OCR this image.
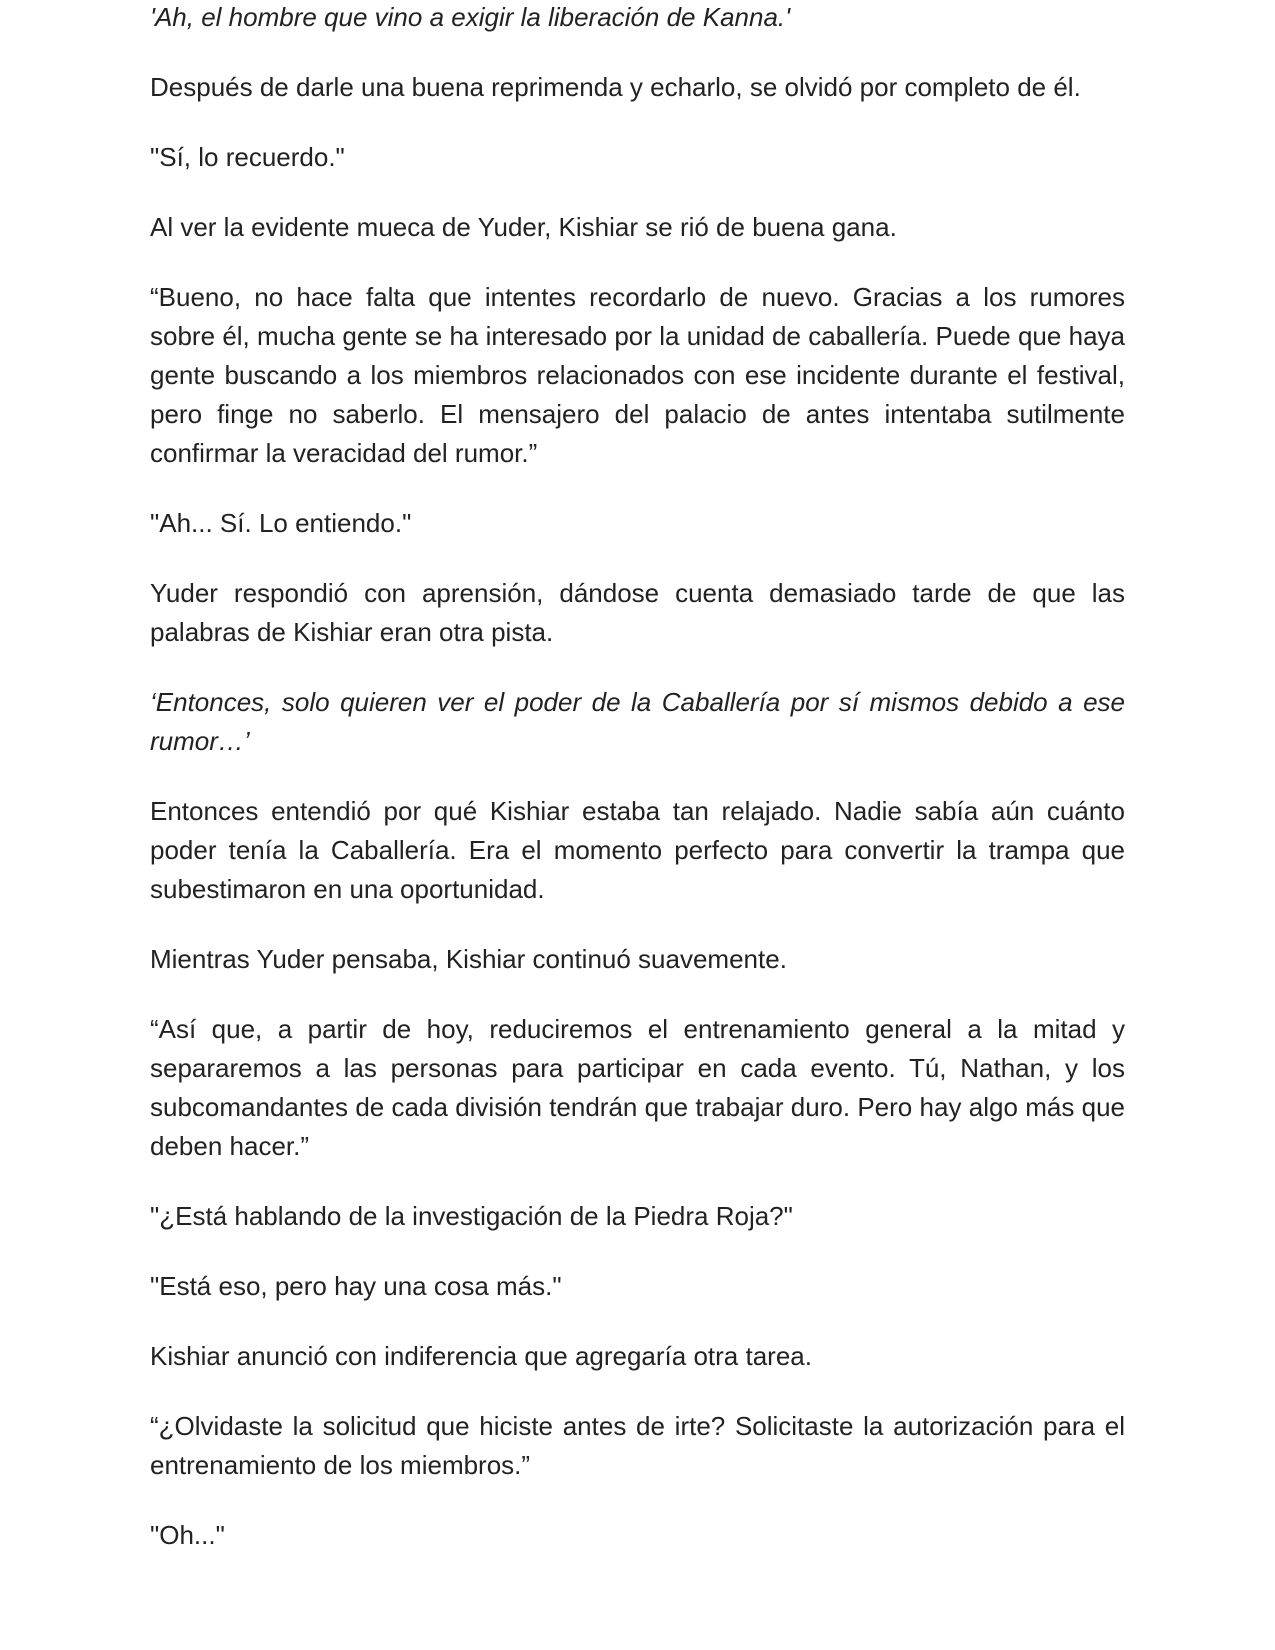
'Ah, el hombre que vino a exigir la liberación de Kanna.'

Después de darle una buena reprimenda y echarlo, se olvidó por completo de él.

"Sí, lo recuerdo."

Al ver la evidente mueca de Yuder, Kishiar se rió de buena gana.

“Bueno, no hace falta que intentes recordarlo de nuevo. Gracias a los rumores sobre él, mucha gente se ha interesado por la unidad de caballería. Puede que haya gente buscando a los miembros relacionados con ese incidente durante el festival, pero finge no saberlo. El mensajero del palacio de antes intentaba sutilmente confirmar la veracidad del rumor.”

"Ah... Sí. Lo entiendo."

Yuder respondió con aprensión, dándose cuenta demasiado tarde de que las palabras de Kishiar eran otra pista.

‘Entonces, solo quieren ver el poder de la Caballería por sí mismos debido a ese rumor…’

Entonces entendió por qué Kishiar estaba tan relajado. Nadie sabía aún cuánto poder tenía la Caballería. Era el momento perfecto para convertir la trampa que subestimaron en una oportunidad.

Mientras Yuder pensaba, Kishiar continuó suavemente.

“Así que, a partir de hoy, reduciremos el entrenamiento general a la mitad y separaremos a las personas para participar en cada evento. Tú, Nathan, y los subcomandantes de cada división tendrán que trabajar duro. Pero hay algo más que deben hacer.”

"¿Está hablando de la investigación de la Piedra Roja?"

"Está eso, pero hay una cosa más."

Kishiar anunció con indiferencia que agregaría otra tarea.

“¿Olvidaste la solicitud que hiciste antes de irte? Solicitaste la autorización para el entrenamiento de los miembros.”

"Oh..."
